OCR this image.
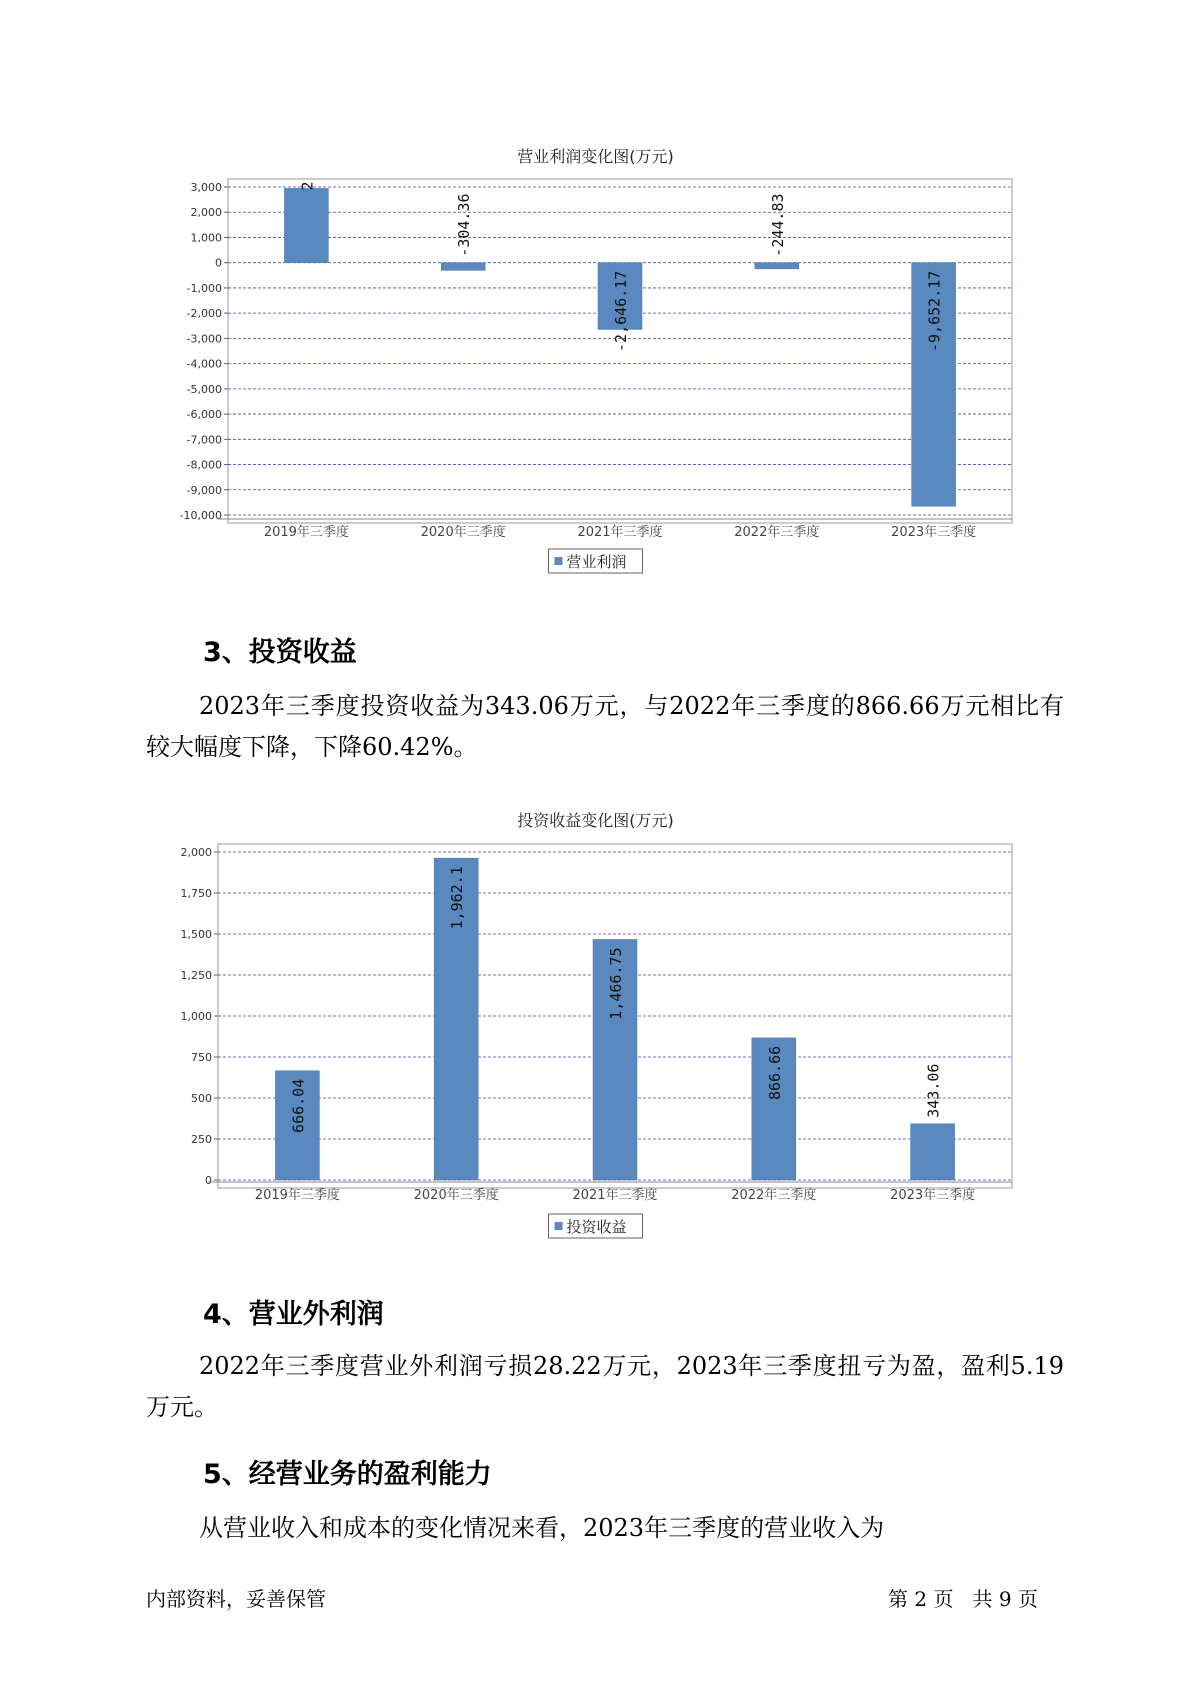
营业利润变化图(万元)
3,000
2,000
1,000
0
-1,000
-2,000
-3,000
-4,000
-5,000
-6,000
-7,000
-8,000
-9,000
-10,000
2
2019年三季度
-304.36
2020年三季度
-2,646.17
2021年三季度
-244.83
2022年三季度
-9,652.17
2023年三季度
营业利润
3、投资收益

2023年三季度投资收益为343.06万元，与2022年三季度的866.66万元相比有较大幅度下降，下降60.42%。

投资收益变化图(万元)
2,000
1,750
1,500
1,250
1,000
750
500
250
0
666.04
2019年三季度
1,962.1
2020年三季度
1,466.75
2021年三季度
866.66
2022年三季度
343.06
2023年三季度
投资收益
4、营业外利润

2022年三季度营业外利润亏损28.22万元，2023年三季度扭亏为盈，盈利5.19万元。

5、经营业务的盈利能力

从营业收入和成本的变化情况来看，2023年三季度的营业收入为

内部资料，妥善保管	第 2 页   共 9 页
